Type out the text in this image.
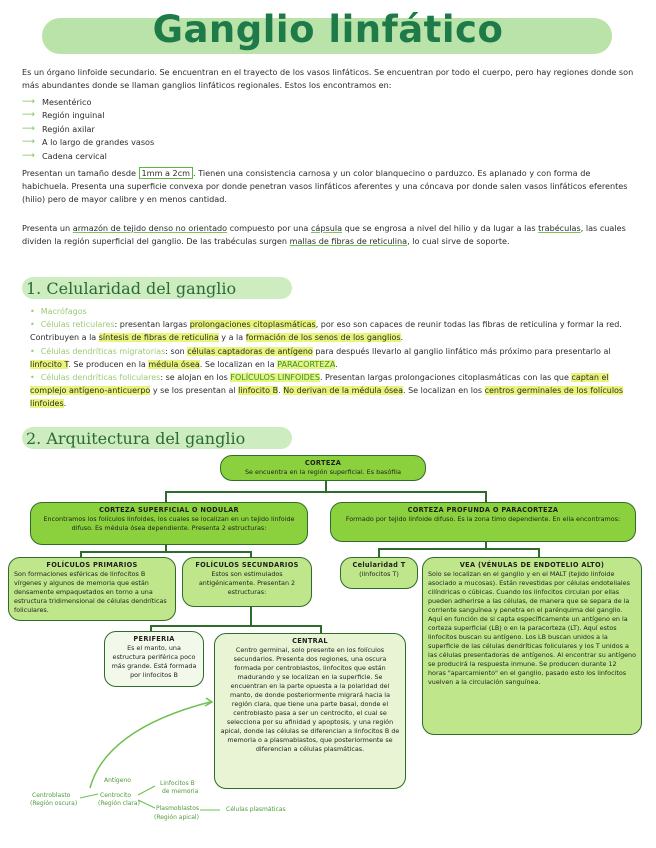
Ganglio linfático
Es un órgano linfoide secundario. Se encuentran en el trayecto de los vasos linfáticos. Se encuentran por todo el cuerpo, pero hay regiones donde son más abundantes donde se llaman ganglios linfáticos regionales. Estos los encontramos en:
⟶ Mesentérico
⟶ Región inguinal
⟶ Región axilar
⟶ A lo largo de grandes vasos
⟶ Cadena cervical
Presentan un tamaño desde 1mm a 2cm . Tienen una consistencia carnosa y un color blanquecino o parduzco. Es aplanado y con forma de habichuela. Presenta una superficie convexa por donde penetran vasos linfáticos aferentes y una cóncava por donde salen vasos linfáticos eferentes (hilio) pero de mayor calibre y en menos cantidad.
Presenta un armazón de tejido denso no orientado compuesto por una cápsula que se engrosa a nivel del hilio y da lugar a las trabéculas, las cuales dividen la región superficial del ganglio. De las trabéculas surgen mallas de fibras de reticulina, lo cual sirve de soporte.
1. Celularidad del ganglio
• Macrófagos
• Células reticulares: presentan largas prolongaciones citoplasmáticas, por eso son capaces de reunir todas las fibras de reticulina y formar la red. Contribuyen a la síntesis de fibras de reticulina y a la formación de los senos de los ganglios.
• Células dendríticas migratorias: son células captadoras de antígeno para después llevarlo al ganglio linfático más próximo para presentarlo al linfocito T. Se producen en la médula ósea. Se localizan en la PARACORTEZA.
• Células dendríticas foliculares: se alojan en los FOLÍCULOS LINFOIDES. Presentan largas prolongaciones citoplasmáticas con las que captan el complejo antígeno-anticuerpo y se los presentan al linfocito B. No derivan de la médula ósea. Se localizan en los centros germinales de los folículos linfoides.
2. Arquitectura del ganglio
CORTEZA
Se encuentra en la región superficial. Es basófila
CORTEZA SUPERFICIAL O NODULAR
Encontramos los folículos linfoides, los cuales se localizan en un tejido linfoide difuso. Es médula ósea dependiente. Presenta 2 estructuras:
CORTEZA PROFUNDA O PARACORTEZA
Formado por tejido linfoide difuso. Es la zona timo dependiente. En ella encontramos:
FOLÍCULOS PRIMARIOS
Son formaciones esféricas de linfocitos B vírgenes y algunos de memoria que están densamente empaquetados en torno a una estructura tridimensional de células dendríticas foliculares.
FOLÍCULOS SECUNDARIOS
Estos son estimulados antigénicamente. Presentan 2 estructuras:
Celularidad T
(linfocitos T)
VEA (VÉNULAS DE ENDOTELIO ALTO)
Solo se localizan en el ganglio y en el MALT (tejido linfoide asociado a mucosas). Están revestidas por células endoteliales cilíndricas o cúbicas. Cuando los linfocitos circulan por ellas pueden adherirse a las células, de manera que se separa de la corriente sanguínea y penetra en el parénquima del ganglio. Aquí en función de si capta específicamente un antígeno en la corteza superficial (LB) o en la paracorteza (LT). Aquí estos linfocitos buscan su antígeno. Los LB buscan unidos a la superficie de las células dendríticas foliculares y los T unidos a las células presentadoras de antígenos. Al encontrar su antígeno se producirá la respuesta inmune. Se producen durante 12 horas "aparcamiento" en el ganglio, pasado esto los linfocitos vuelven a la circulación sanguínea.
PERIFERIA
Es el manto, una estructura periférica poco más grande. Está formada por linfocitos B
CENTRAL
Centro germinal, solo presente en los folículos secundarios. Presenta dos regiones, una oscura formada por centroblastos, linfocitos que están madurando y se localizan en la superficie. Se encuentran en la parte opuesta a la polaridad del manto, de donde posteriormente migrará hacia la región clara, que tiene una parte basal, donde el centroblasto pasa a ser un centrocito, el cual se selecciona por su afinidad y apoptosis, y una región apical, donde las células se diferencian a linfocitos B de memoria o a plasmablastos, que posteriormente se diferencian a células plasmáticas.
Antígeno
Centroblasto
(Región oscura)
Centrocito
(Región clara)
Linfocitos B
de memoria
Plasmoblastos
(Región apical)
Células plasmáticas
